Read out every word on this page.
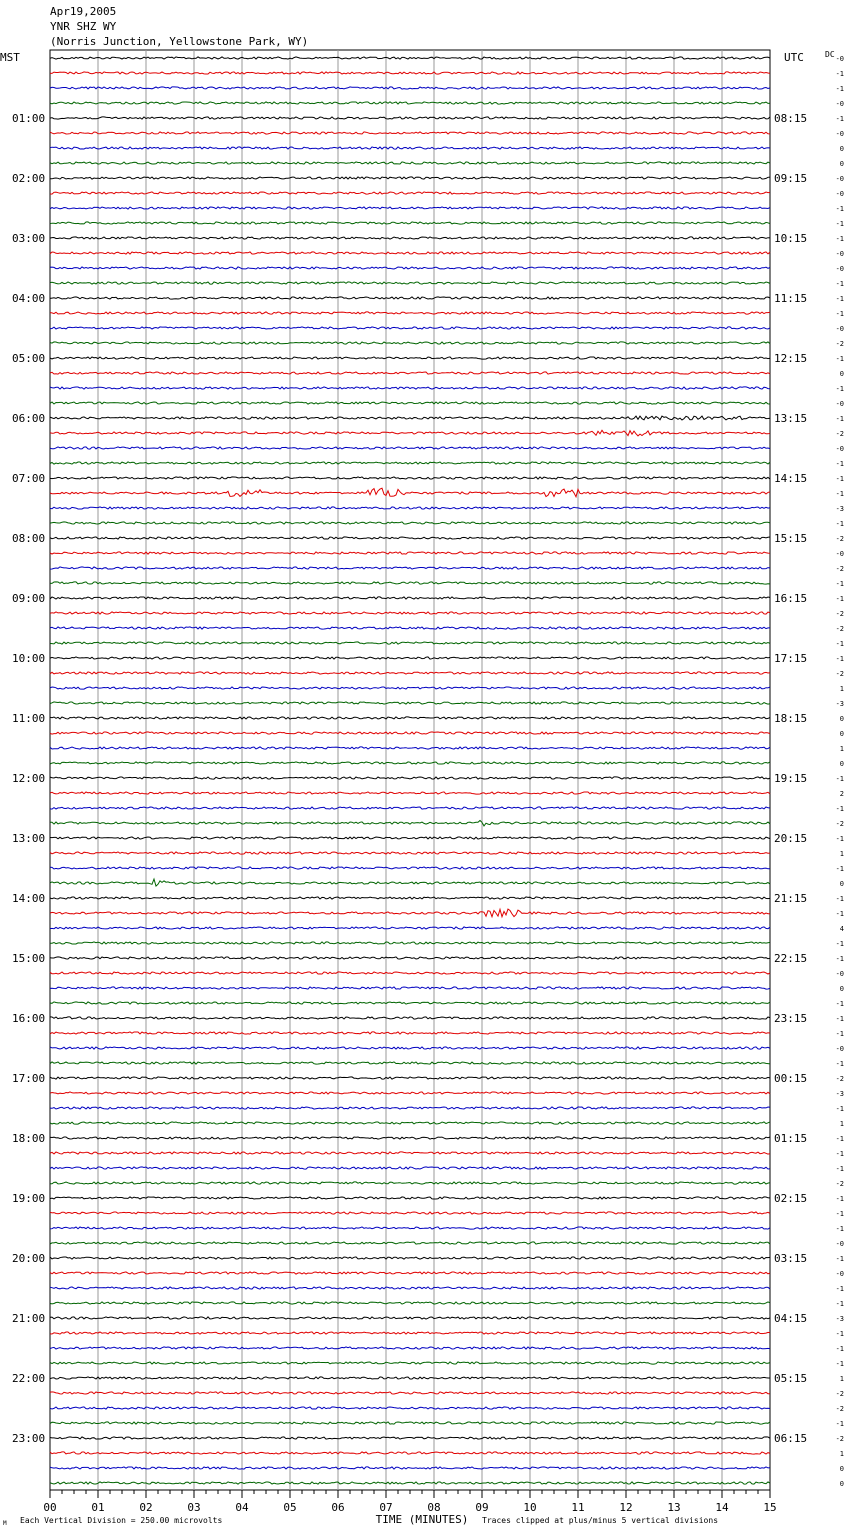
Apr19,2005
YNR SHZ WY
(Norris Junction, Yellowstone Park, WY)
MST	UTC	DC
01:00
02:00
03:00
04:00
05:00
06:00
07:00
08:00
09:00
10:00
11:00
12:00
13:00
14:00
15:00
16:00
17:00
18:00
19:00
20:00
21:00
22:00
23:00
08:15
09:15
10:15
11:15
12:15
13:15
14:15
15:15
16:15
17:15
18:15
19:15
20:15
21:15
22:15
23:15
00:15
01:15
02:15
03:15
04:15
05:15
06:15
-0
-1
-1
-0
-1
-0
0
0
-0
-0
-1
-1
-1
-0
-0
-1
-1
-1
-0
-2
-1
0
-1
-0
-1
-2
-0
-1
-1
-1
-3
-1
-2
-0
-2
-1
-1
-2
-2
-1
-1
-2
1
-3
0
0
1
0
-1
2
-1
-2
-1
1
-1
0
-1
-1
4
-1
-1
-0
0
-1
-1
-1
-0
-1
-2
-3
-1
1
-1
-1
-1
-2
-1
-1
-1
-0
-1
-0
-1
-1
-3
-1
-1
-1
1
-2
-2
-1
-2
1
0
0
00	01	02	03	04	05	06	07	08	09	10	11	12	13	14	15
TIME (MINUTES)
Each Vertical Division = 250.00 microvolts	Traces clipped at plus/minus 5 vertical divisions
M
